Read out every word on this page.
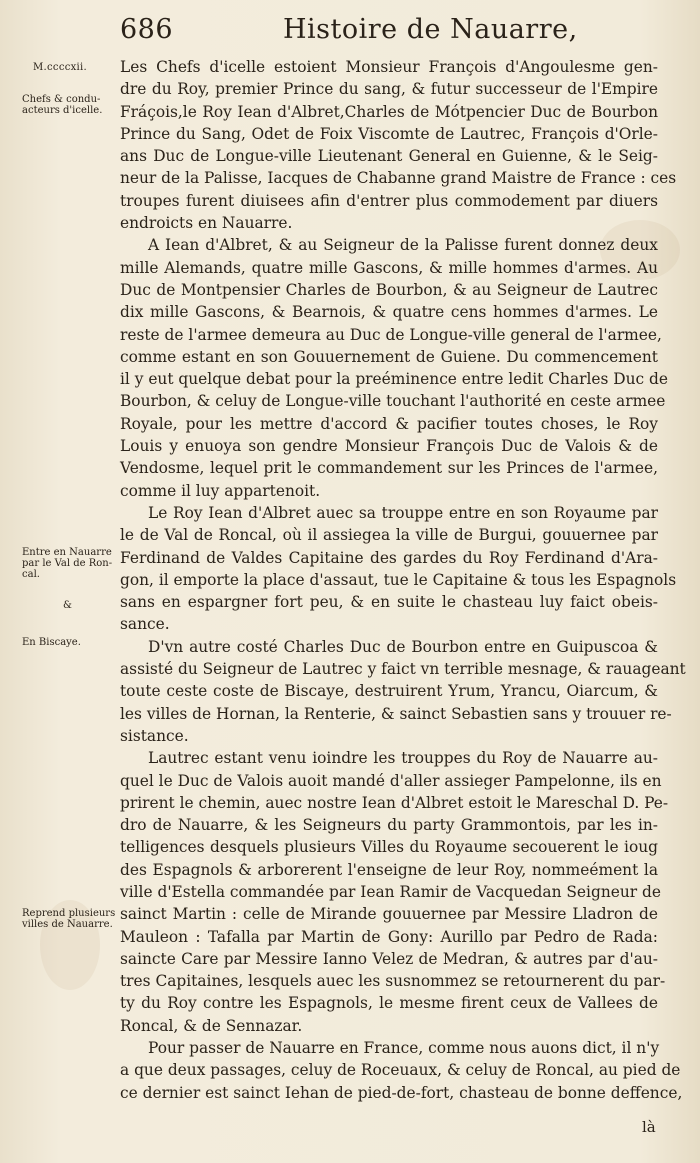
686	Histoire de Nauarre,
M.ccccxii.
Chefs & condu-
acteurs d'icelle.
Entre en Nauarre
par le Val de Ron-
cal.
&
En Biscaye.
Reprend plusieurs
villes de Nauarre.
Les Chefs d'icelle estoient Monsieur François d'Angoulesme gen-
dre du Roy, premier Prince du sang, & futur successeur de l'Empire
Fráçois,le Roy Iean d'Albret,Charles de Mótpencier Duc de Bourbon
Prince du Sang, Odet de Foix Viscomte de Lautrec, François d'Orle-
ans Duc de Longue-ville Lieutenant General en Guienne, & le Seig-
neur de la Palisse, Iacques de Chabanne grand Maistre de France : ces
troupes furent diuisees afin d'entrer plus commodement par diuers
endroicts en Nauarre.
A Iean d'Albret, & au Seigneur de la Palisse furent donnez deux
mille Alemands, quatre mille Gascons, & mille hommes d'armes. Au
Duc de Montpensier Charles de Bourbon, & au Seigneur de Lautrec
dix mille Gascons, & Bearnois, & quatre cens hommes d'armes. Le
reste de l'armee demeura au Duc de Longue-ville general de l'armee,
comme estant en son Gouuernement de Guiene. Du commencement
il y eut quelque debat pour la preéminence entre ledit Charles Duc de
Bourbon, & celuy de Longue-ville touchant l'authorité en ceste armee
Royale, pour les mettre d'accord & pacifier toutes choses, le Roy
Louis y enuoya son gendre Monsieur François Duc de Valois & de
Vendosme, lequel prit le commandement sur les Princes de l'armee,
comme il luy appartenoit.
Le Roy Iean d'Albret auec sa trouppe entre en son Royaume par
le de Val de Roncal, où il assiegea la ville de Burgui, gouuernee par
Ferdinand de Valdes Capitaine des gardes du Roy Ferdinand d'Ara-
gon, il emporte la place d'assaut, tue le Capitaine & tous les Espagnols
sans en espargner fort peu, & en suite le chasteau luy faict obeis-
sance.
D'vn autre costé Charles Duc de Bourbon entre en Guipuscoa &
assisté du Seigneur de Lautrec y faict vn terrible mesnage, & rauageant
toute ceste coste de Biscaye, destruirent Yrum, Yrancu, Oiarcum, &
les villes de Hornan, la Renterie, & sainct Sebastien sans y trouuer re-
sistance.
Lautrec estant venu ioindre les trouppes du Roy de Nauarre au-
quel le Duc de Valois auoit mandé d'aller assieger Pampelonne, ils en
prirent le chemin, auec nostre Iean d'Albret estoit le Mareschal D. Pe-
dro de Nauarre, & les Seigneurs du party Grammontois, par les in-
telligences desquels plusieurs Villes du Royaume secouerent le ioug
des Espagnols & arborerent l'enseigne de leur Roy, nommeément la
ville d'Estella commandée par Iean Ramir de Vacquedan Seigneur de
sainct Martin : celle de Mirande gouuernee par Messire Lladron de
Mauleon : Tafalla par Martin de Gony: Aurillo par Pedro de Rada:
saincte Care par Messire Ianno Velez de Medran, & autres par d'au-
tres Capitaines, lesquels auec les susnommez se retournerent du par-
ty du Roy contre les Espagnols, le mesme firent ceux de Vallees de
Roncal, & de Sennazar.
Pour passer de Nauarre en France, comme nous auons dict, il n'y
a que deux passages, celuy de Roceuaux, & celuy de Roncal, au pied de
ce dernier est sainct Iehan de pied-de-fort, chasteau de bonne deffence,
là
